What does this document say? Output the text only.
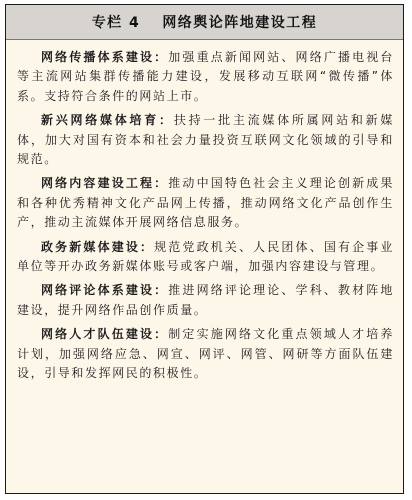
专栏 4 网络舆论阵地建设工程

网络传播体系建设：加强重点新闻网站、网络广播电视台等主流网站集群传播能力建设，发展移动互联网“微传播”体系。支持符合条件的网站上市。

新兴网络媒体培育：扶持一批主流媒体所属网站和新媒体，加大对国有资本和社会力量投资互联网文化领域的引导和规范。

网络内容建设工程：推动中国特色社会主义理论创新成果和各种优秀精神文化产品网上传播，推动网络文化产品创作生产，推动主流媒体开展网络信息服务。

政务新媒体建设：规范党政机关、人民团体、国有企事业单位等开办政务新媒体账号或客户端，加强内容建设与管理。

网络评论体系建设：推进网络评论理论、学科、教材阵地建设，提升网络作品创作质量。

网络人才队伍建设：制定实施网络文化重点领域人才培养计划，加强网络应急、网宣、网评、网管、网研等方面队伍建设，引导和发挥网民的积极性。
